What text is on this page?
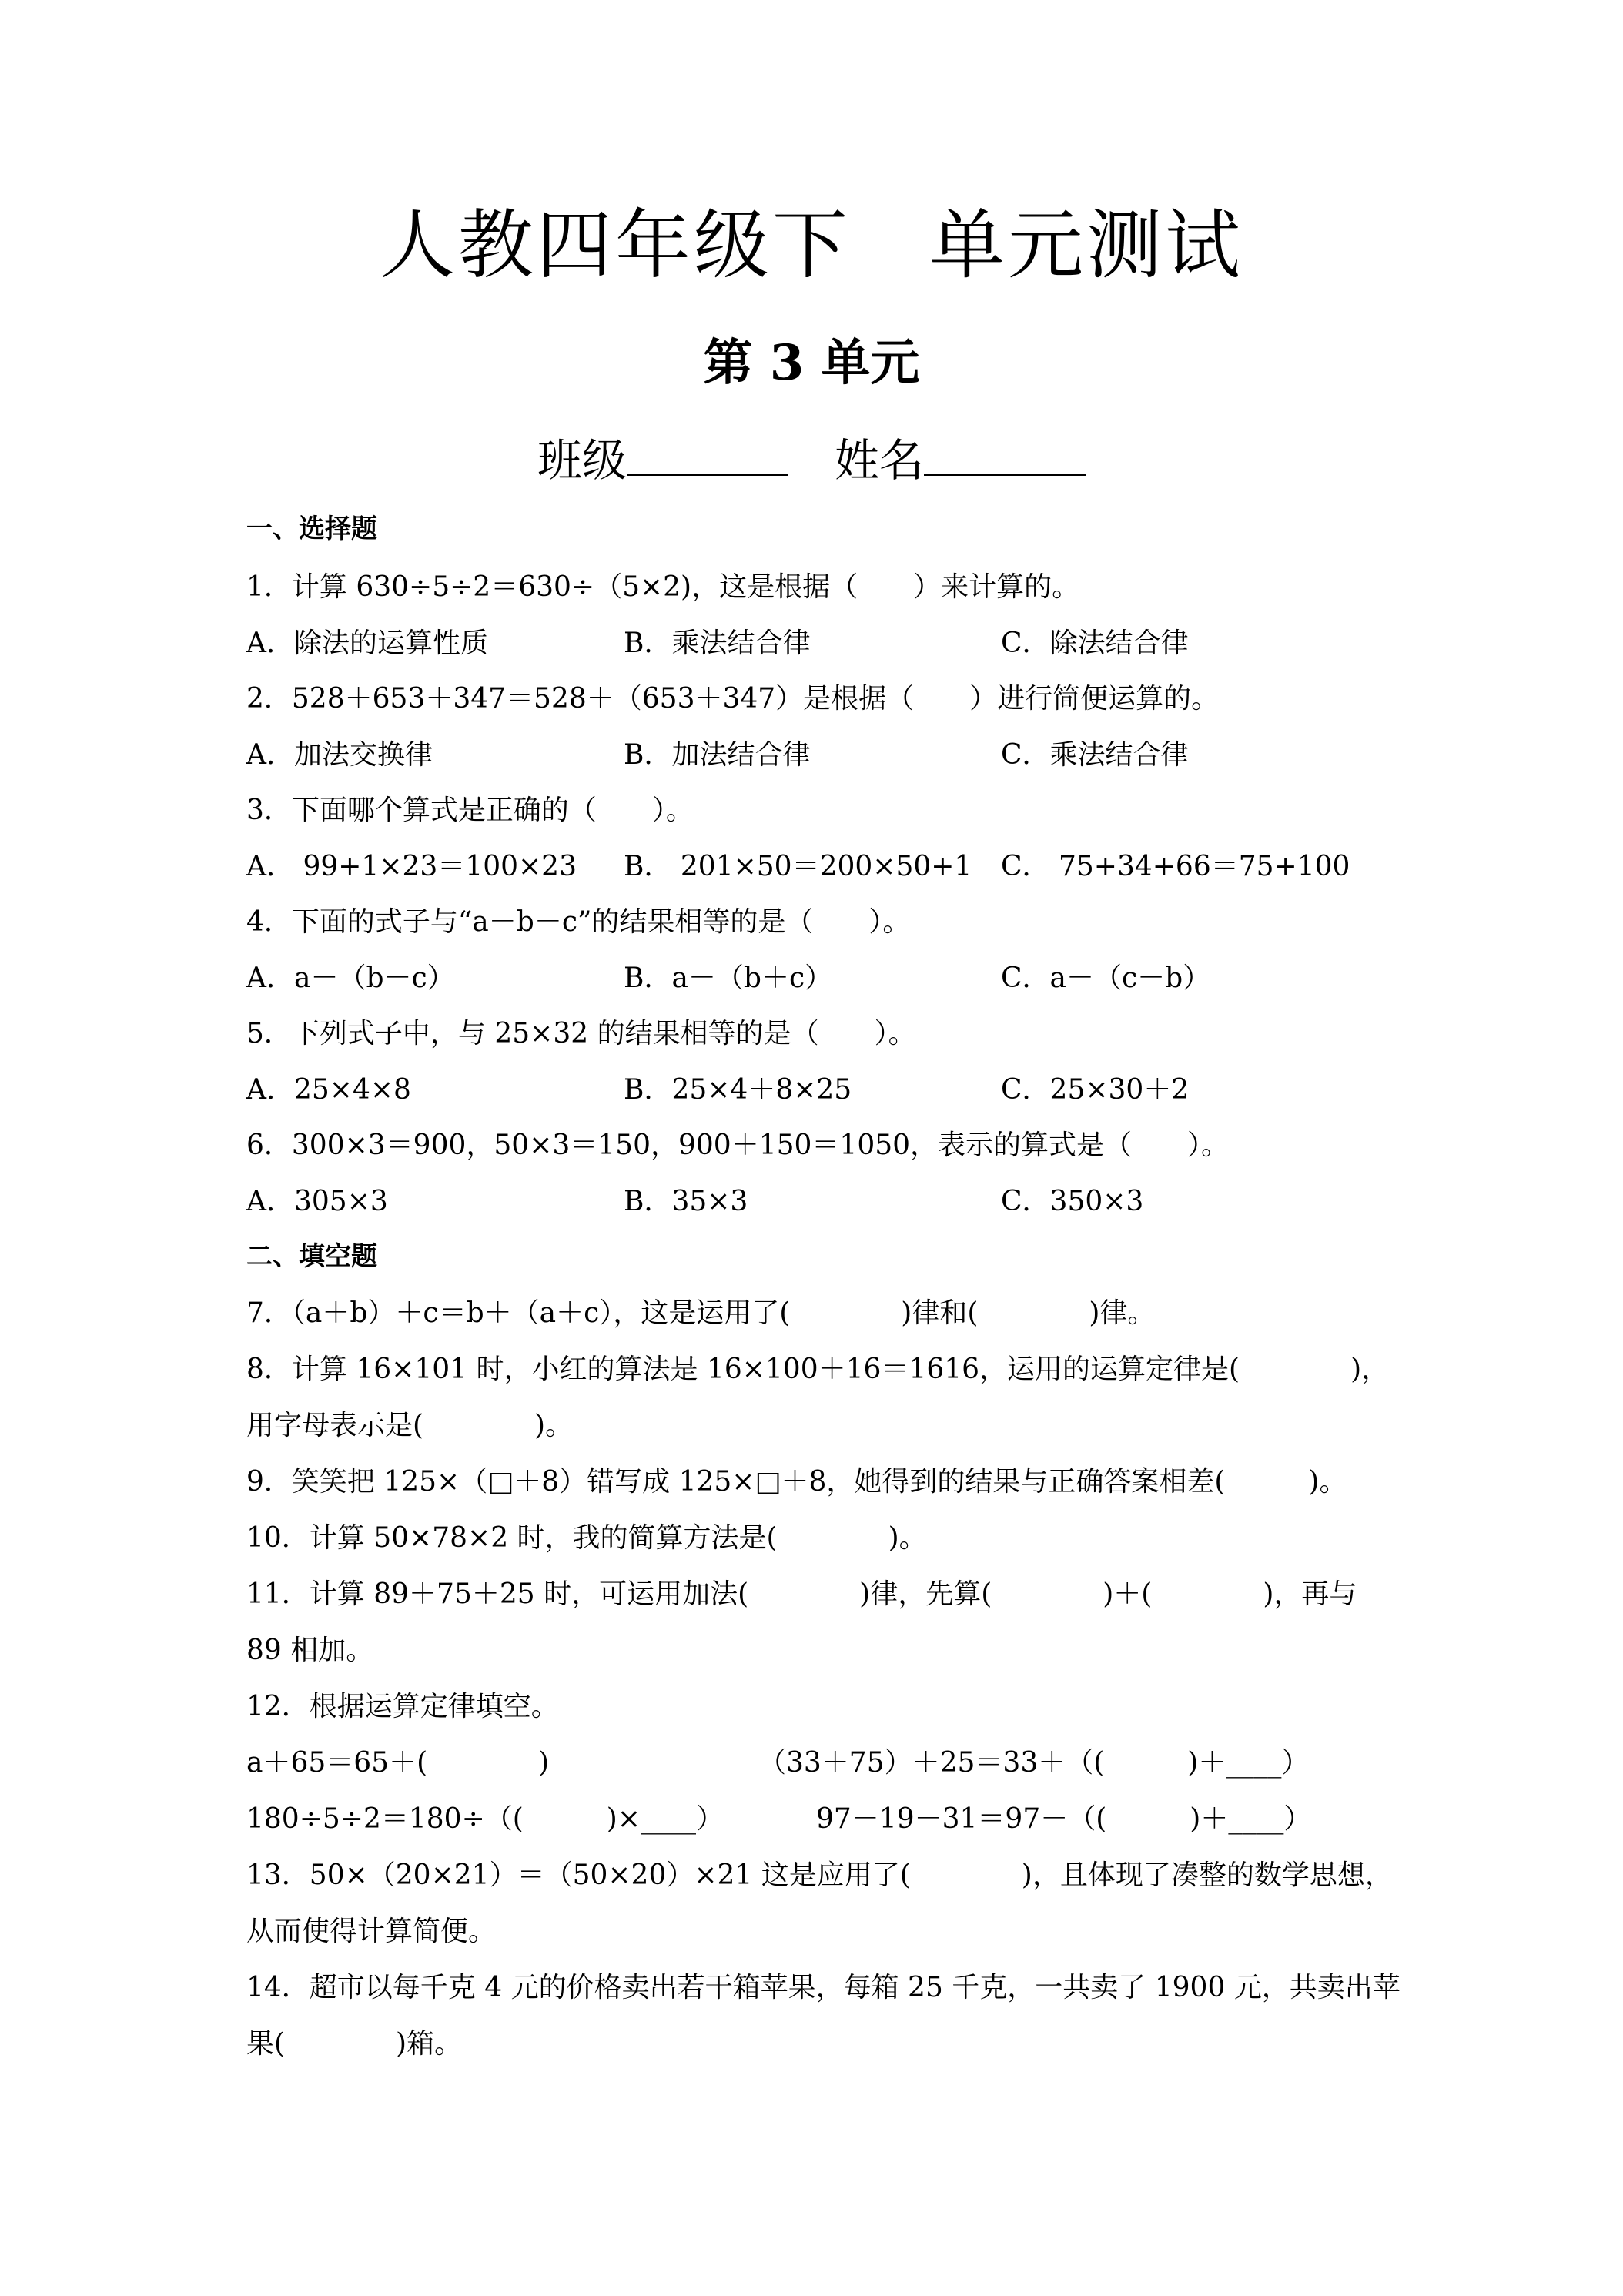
人教四年级下　单元测试
第 3 单元
班级	姓名
一、选择题
1．计算 630÷5÷2＝630÷（5×2)，这是根据（　　）来计算的。
A．除法的运算性质	B．乘法结合律	C．除法结合律
2．528＋653＋347＝528＋（653＋347）是根据（　　）进行简便运算的。
A．加法交换律	B．加法结合律	C．乘法结合律
3．下面哪个算式是正确的（　　）。
A． 99+1×23＝100×23 B． 201×50＝200×50+1 C． 75+34+66＝75+100
4．下面的式子与“a－b－c”的结果相等的是（　　）。
A．a－（b－c）	B．a－（b＋c）	C．a－（c－b）
5．下列式子中，与 25×32 的结果相等的是（　　）。
A．25×4×8	B．25×4＋8×25	C．25×30＋2
6．300×3＝900，50×3＝150，900＋150＝1050，表示的算式是（　　）。
A．305×3	B．35×3	C．350×3
二、填空题
7．（a＋b）＋c＝b＋（a＋c），这是运用了(　　　　)律和(　　　　)律。
8．计算 16×101 时，小红的算法是 16×100＋16＝1616，运用的运算定律是(　　　　)，
用字母表示是(　　　　)。
9．笑笑把 125×（□＋8）错写成 125×□＋8，她得到的结果与正确答案相差(　　　)。
10．计算 50×78×2 时，我的简算方法是(　　　　)。
11．计算 89＋75＋25 时，可运用加法(　　　　)律，先算(　　　　)＋(　　　　)，再与
89 相加。
12．根据运算定律填空。
a＋65＝65＋(　　　　)	（33＋75）＋25＝33＋（(　　　)＋____）
180÷5÷2＝180÷（(　　　)×____）	97－19－31＝97－（(　　　)＋____）
13．50×（20×21）＝（50×20）×21 这是应用了(　　　　)，且体现了凑整的数学思想，
从而使得计算简便。
14．超市以每千克 4 元的价格卖出若干箱苹果，每箱 25 千克，一共卖了 1900 元，共卖出苹
果(　　　　)箱。
